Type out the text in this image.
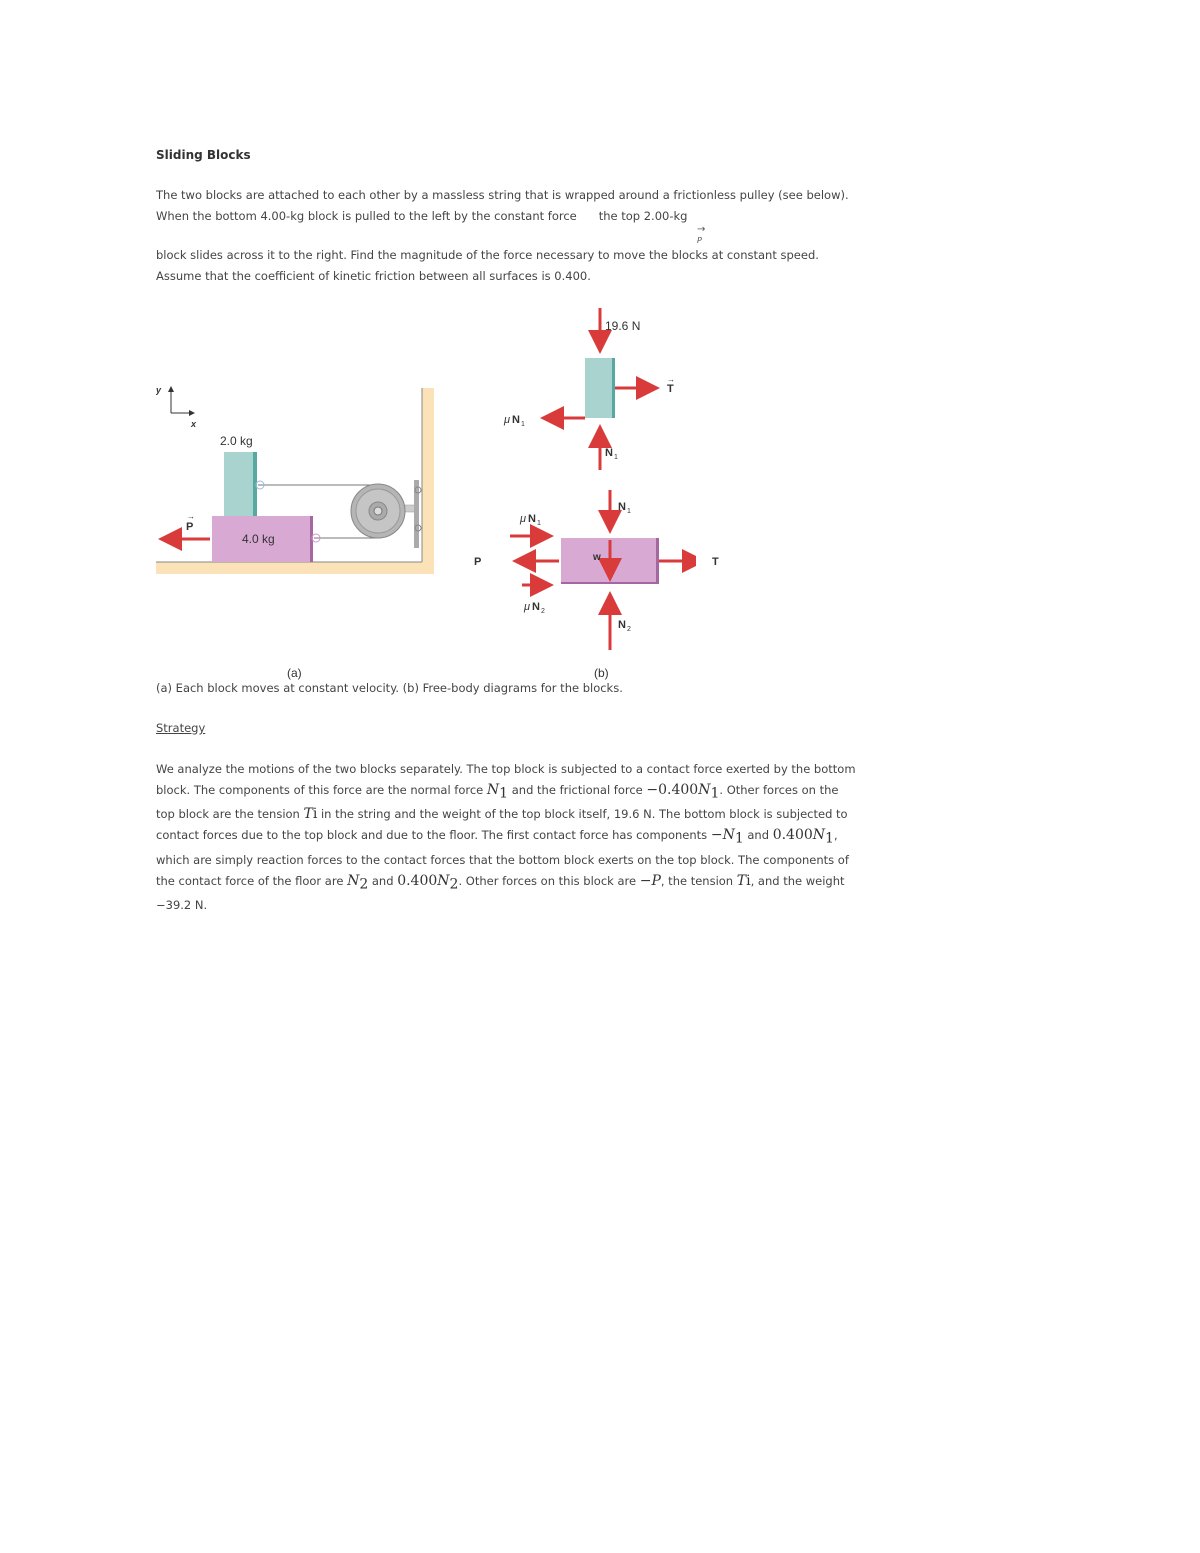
Sliding Blocks
The two blocks are attached to each other by a massless string that is wrapped around a frictionless pulley (see below). When the bottom 4.00-kg block is pulled to the left by the constant force the top 2.00-kg
→
P
block slides across it to the right. Find the magnitude of the force necessary to move the blocks at constant speed. Assume that the coefficient of kinetic friction between all surfaces is 0.400.
y
x
2.0 kg
4.0 kg
P
→
(a)
19.6 N
T
→
μ N 1
N 1
N 1
w
μ N 1
P
μ N 2
N 2
(b)
T
(a) Each block moves at constant velocity. (b) Free-body diagrams for the blocks.
Strategy
We analyze the motions of the two blocks separately. The top block is subjected to a contact force exerted by the bottom block. The components of this force are the normal force $N_1$ and the frictional force $-0.400N_1$. Other forces on the top block are the tension Ti in the string and the weight of the top block itself, 19.6 N. The bottom block is subjected to contact forces due to the top block and due to the floor. The first contact force has components $-N_1$ and $0.400N_1$, which are simply reaction forces to the contact forces that the bottom block exerts on the top block. The components of the contact force of the floor are $N_2$ and $0.400N_2$. Other forces on this block are −P, the tension Ti, and the weight −39.2 N.
